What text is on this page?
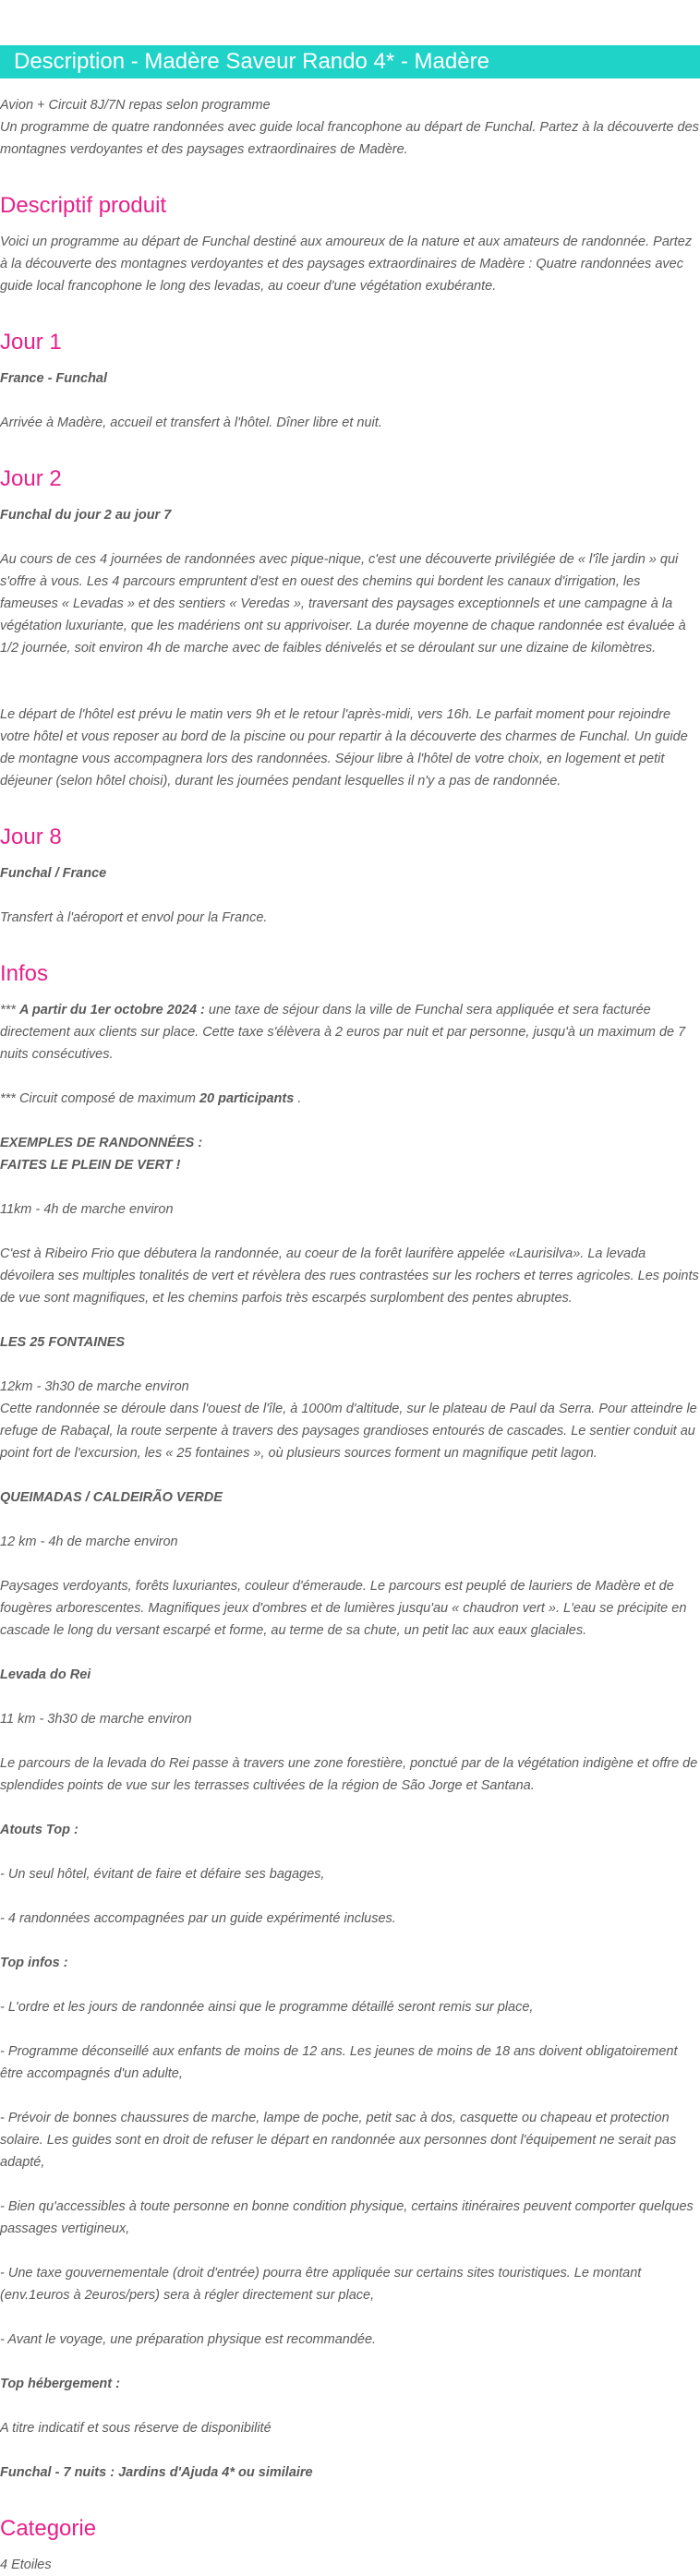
Description - Madère Saveur Rando 4* - Madère

Avion + Circuit 8J/7N repas selon programme

Un programme de quatre randonnées avec guide local francophone au départ de Funchal. Partez à la découverte des montagnes verdoyantes et des paysages extraordinaires de Madère.

Descriptif produit

Voici un programme au départ de Funchal destiné aux amoureux de la nature et aux amateurs de randonnée. Partez à la découverte des montagnes verdoyantes et des paysages extraordinaires de Madère : Quatre randonnées avec guide local francophone le long des levadas, au coeur d'une végétation exubérante.

Jour 1

France - Funchal

Arrivée à Madère, accueil et transfert à l'hôtel. Dîner libre et nuit.

Jour 2

Funchal du jour 2 au jour 7

Au cours de ces 4 journées de randonnées avec pique-nique, c'est une découverte privilégiée de « l'île jardin » qui s'offre à vous. Les 4 parcours empruntent d'est en ouest des chemins qui bordent les canaux d'irrigation, les fameuses « Levadas » et des sentiers « Veredas », traversant des paysages exceptionnels et une campagne à la végétation luxuriante, que les madériens ont su apprivoiser. La durée moyenne de chaque randonnée est évaluée à 1/2 journée, soit environ 4h de marche avec de faibles dénivelés et se déroulant sur une dizaine de kilomètres.

Le départ de l'hôtel est prévu le matin vers 9h et le retour l'après-midi, vers 16h. Le parfait moment pour rejoindre votre hôtel et vous reposer au bord de la piscine ou pour repartir à la découverte des charmes de Funchal. Un guide de montagne vous accompagnera lors des randonnées. Séjour libre à l'hôtel de votre choix, en logement et petit déjeuner (selon hôtel choisi), durant les journées pendant lesquelles il n'y a pas de randonnée.

Jour 8

Funchal / France

Transfert à l'aéroport et envol pour la France.

Infos

*** A partir du 1er octobre 2024 : une taxe de séjour dans la ville de Funchal sera appliquée et sera facturée directement aux clients sur place. Cette taxe s'élèvera à 2 euros par nuit et par personne, jusqu'à un maximum de 7 nuits consécutives.

*** Circuit composé de maximum 20 participants .

EXEMPLES DE RANDONNÉES :

FAITES LE PLEIN DE VERT !

11km - 4h de marche environ

C'est à Ribeiro Frio que débutera la randonnée, au coeur de la forêt laurifère appelée «Laurisilva». La levada dévoilera ses multiples tonalités de vert et révèlera des rues contrastées sur les rochers et terres agricoles. Les points de vue sont magnifiques, et les chemins parfois très escarpés surplombent des pentes abruptes.

LES 25 FONTAINES

12km - 3h30 de marche environ

Cette randonnée se déroule dans l'ouest de l'île, à 1000m d'altitude, sur le plateau de Paul da Serra. Pour atteindre le refuge de Rabaçal, la route serpente à travers des paysages grandioses entourés de cascades. Le sentier conduit au point fort de l'excursion, les « 25 fontaines », où plusieurs sources forment un magnifique petit lagon.

QUEIMADAS / CALDEIRÃO VERDE

12 km - 4h de marche environ

Paysages verdoyants, forêts luxuriantes, couleur d'émeraude. Le parcours est peuplé de lauriers de Madère et de fougères arborescentes. Magnifiques jeux d'ombres et de lumières jusqu'au « chaudron vert ». L'eau se précipite en cascade le long du versant escarpé et forme, au terme de sa chute, un petit lac aux eaux glaciales.

Levada do Rei

11 km - 3h30 de marche environ

Le parcours de la levada do Rei passe à travers une zone forestière, ponctué par de la végétation indigène et offre de splendides points de vue sur les terrasses cultivées de la région de São Jorge et Santana.

Atouts Top :

- Un seul hôtel, évitant de faire et défaire ses bagages,

- 4 randonnées accompagnées par un guide expérimenté incluses.

Top infos :

- L'ordre et les jours de randonnée ainsi que le programme détaillé seront remis sur place,

- Programme déconseillé aux enfants de moins de 12 ans. Les jeunes de moins de 18 ans doivent obligatoirement être accompagnés d'un adulte,

- Prévoir de bonnes chaussures de marche, lampe de poche, petit sac à dos, casquette ou chapeau et protection solaire. Les guides sont en droit de refuser le départ en randonnée aux personnes dont l'équipement ne serait pas adapté,

- Bien qu'accessibles à toute personne en bonne condition physique, certains itinéraires peuvent comporter quelques passages vertigineux,

- Une taxe gouvernementale (droit d'entrée) pourra être appliquée sur certains sites touristiques. Le montant (env.1euros à 2euros/pers) sera à régler directement sur place,

- Avant le voyage, une préparation physique est recommandée.

Top hébergement :

A titre indicatif et sous réserve de disponibilité

Funchal - 7 nuits : Jardins d'Ajuda 4* ou similaire

Categorie

4 Etoiles
